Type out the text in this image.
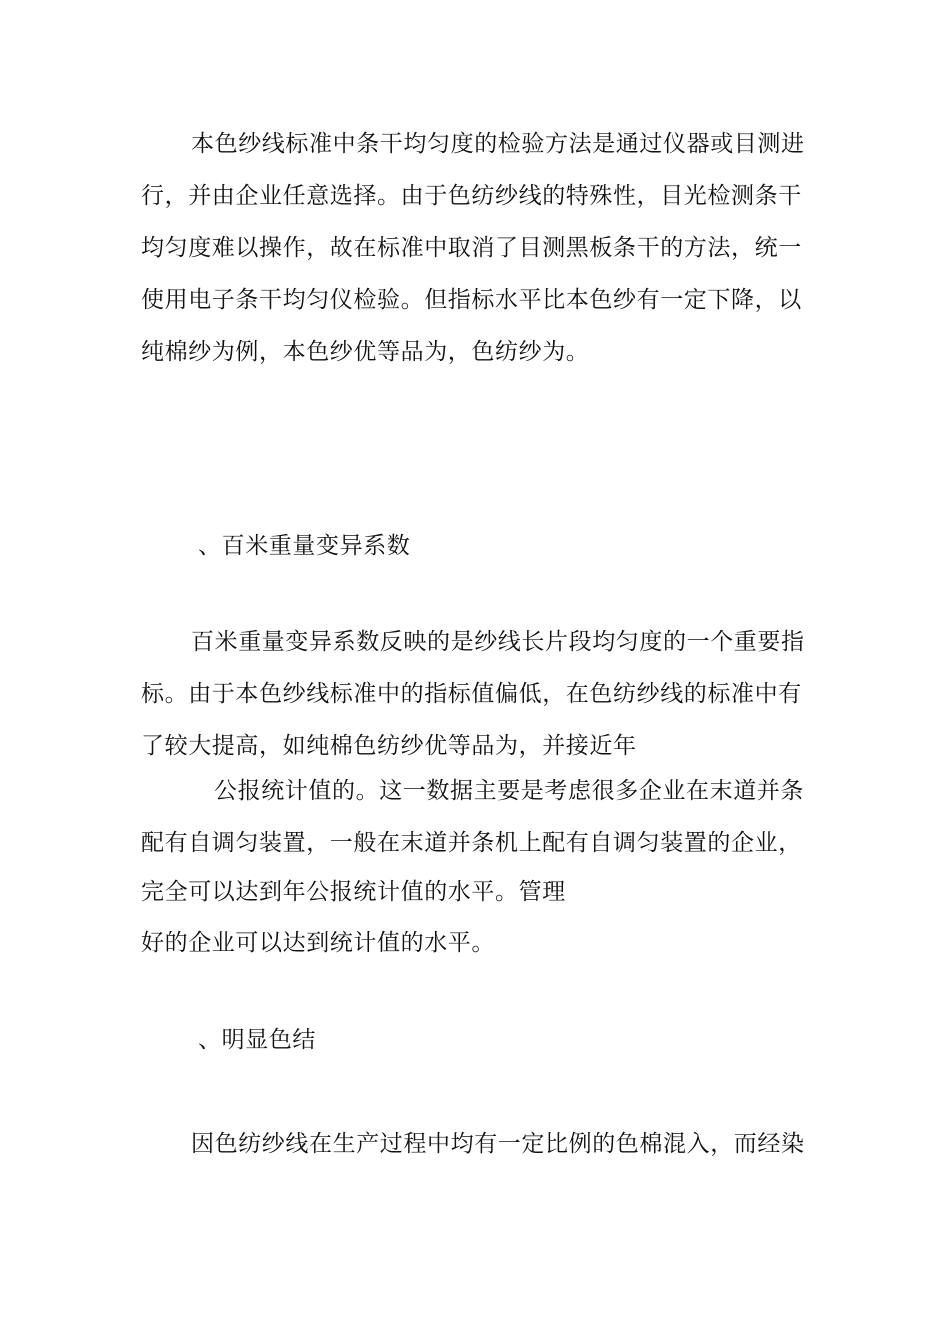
本色纱线标准中条干均匀度的检验方法是通过仪器或目测进
行，并由企业任意选择。由于色纺纱线的特殊性，目光检测条干
均匀度难以操作，故在标准中取消了目测黑板条干的方法，统一
使用电子条干均匀仪检验。但指标水平比本色纱有一定下降，以
纯棉纱为例，本色纱优等品为，色纺纱为。
、百米重量变异系数
百米重量变异系数反映的是纱线长片段均匀度的一个重要指
标。由于本色纱线标准中的指标值偏低，在色纺纱线的标准中有
了较大提高，如纯棉色纺纱优等品为，并接近年
公报统计值的。这一数据主要是考虑很多企业在末道并条
配有自调匀装置，一般在末道并条机上配有自调匀装置的企业，
完全可以达到年公报统计值的水平。管理
好的企业可以达到统计值的水平。
、明显色结
因色纺纱线在生产过程中均有一定比例的色棉混入，而经染
